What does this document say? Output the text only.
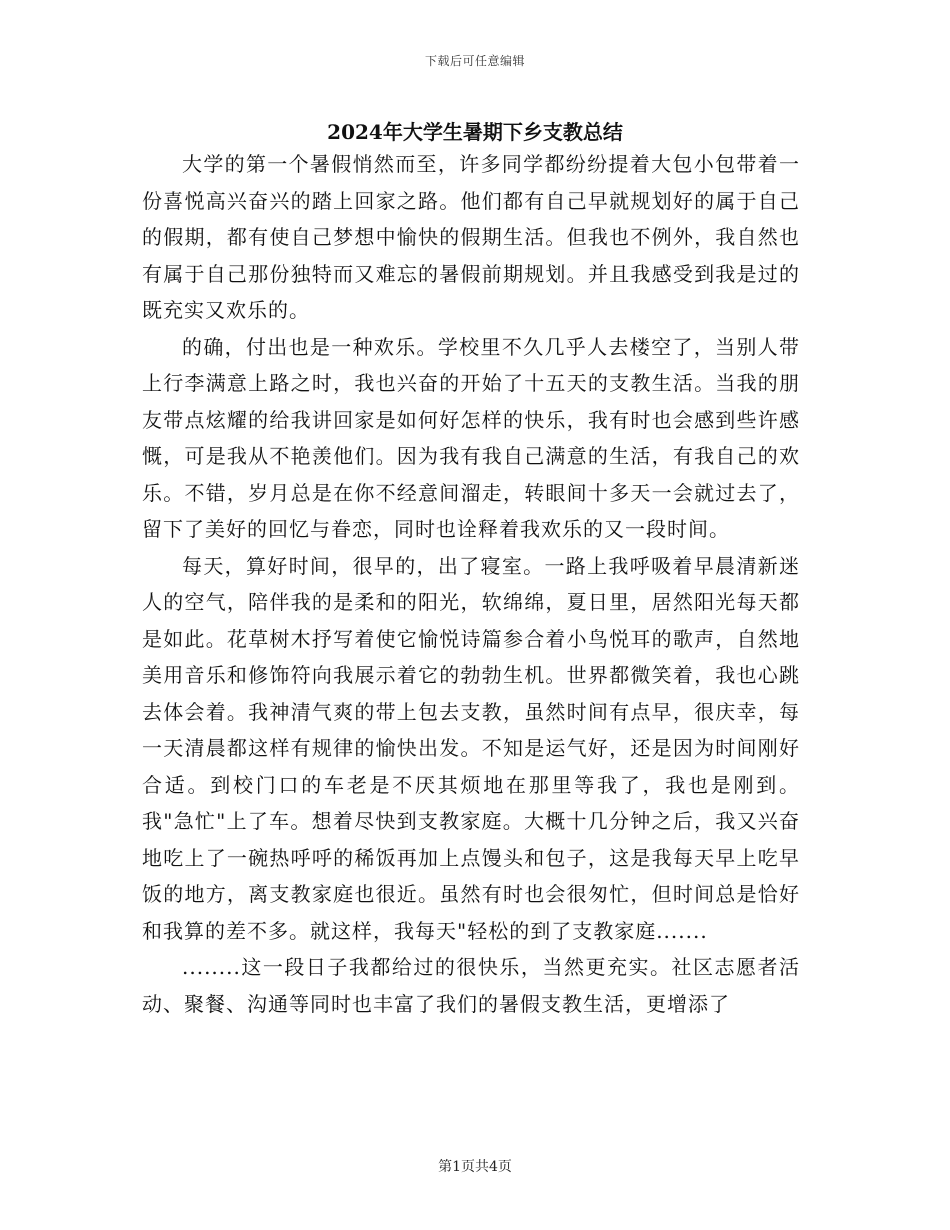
下载后可任意编辑
2024年大学生暑期下乡支教总结

大学的第一个暑假悄然而至，许多同学都纷纷提着大包小包带着一份喜悦高兴奋兴的踏上回家之路。他们都有自己早就规划好的属于自己的假期，都有使自己梦想中愉快的假期生活。但我也不例外，我自然也有属于自己那份独特而又难忘的暑假前期规划。并且我感受到我是过的既充实又欢乐的。

的确，付出也是一种欢乐。学校里不久几乎人去楼空了，当别人带上行李满意上路之时，我也兴奋的开始了十五天的支教生活。当我的朋友带点炫耀的给我讲回家是如何好怎样的快乐，我有时也会感到些许感慨，可是我从不艳羡他们。因为我有我自己满意的生活，有我自己的欢乐。不错，岁月总是在你不经意间溜走，转眼间十多天一会就过去了，留下了美好的回忆与眷恋，同时也诠释着我欢乐的又一段时间。

每天，算好时间，很早的，出了寝室。一路上我呼吸着早晨清新迷人的空气，陪伴我的是柔和的阳光，软绵绵，夏日里，居然阳光每天都是如此。花草树木抒写着使它愉悦诗篇参合着小鸟悦耳的歌声，自然地美用音乐和修饰符向我展示着它的勃勃生机。世界都微笑着，我也心跳去体会着。我神清气爽的带上包去支教，虽然时间有点早，很庆幸，每一天清晨都这样有规律的愉快出发。不知是运气好，还是因为时间刚好合适。到校门口的车老是不厌其烦地在那里等我了，我也是刚到。我"急忙"上了车。想着尽快到支教家庭。大概十几分钟之后，我又兴奋地吃上了一碗热呼呼的稀饭再加上点馒头和包子，这是我每天早上吃早饭的地方，离支教家庭也很近。虽然有时也会很匆忙，但时间总是恰好和我算的差不多。就这样，我每天"轻松的到了支教家庭.......

........这一段日子我都给过的很快乐，当然更充实。社区志愿者活动、聚餐、沟通等同时也丰富了我们的暑假支教生活，更增添了

第1页共4页
